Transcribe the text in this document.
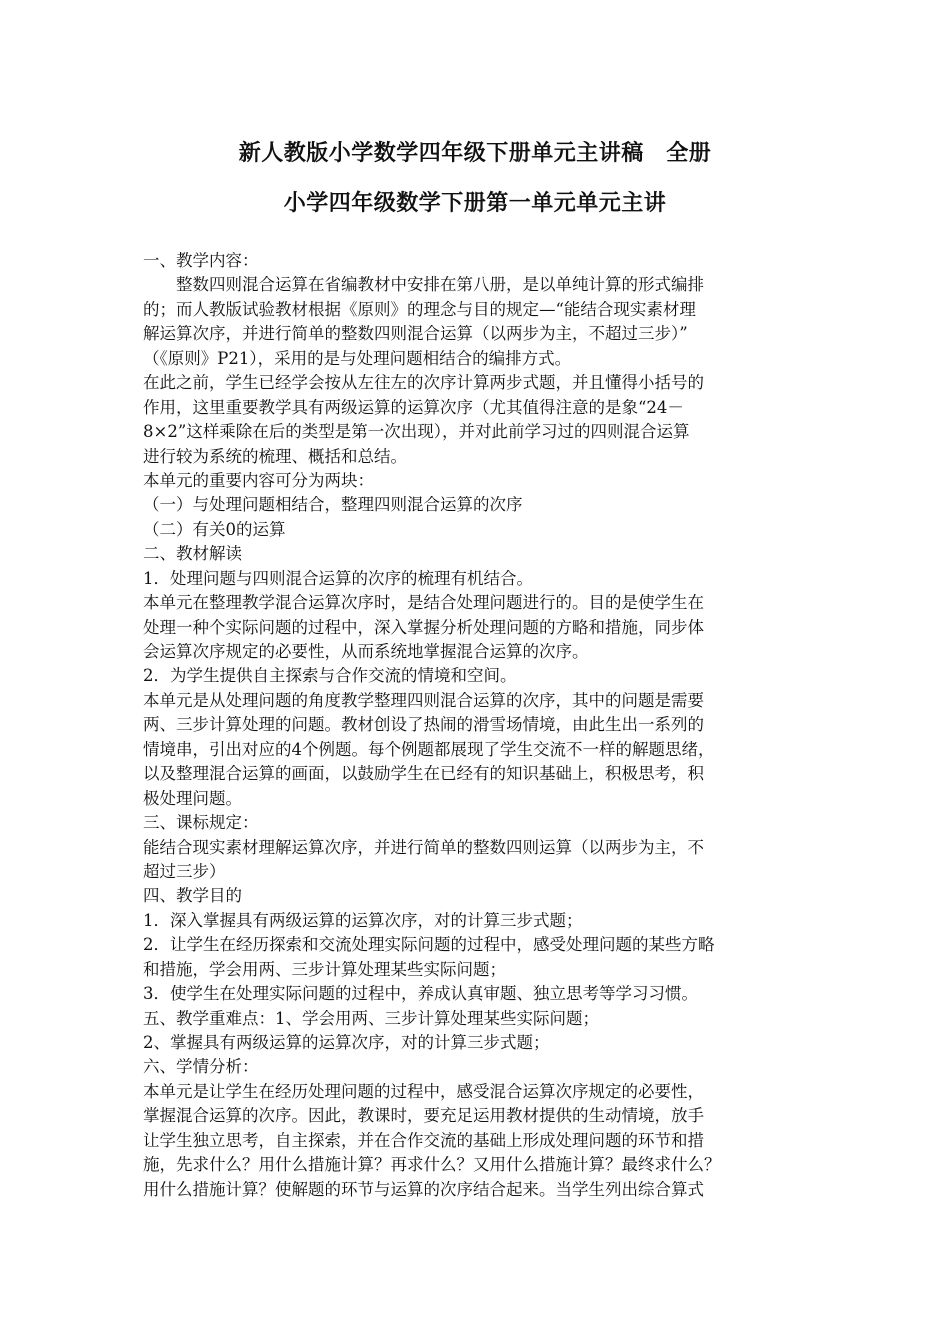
新人教版小学数学四年级下册单元主讲稿　全册
小学四年级数学下册第一单元单元主讲
一、教学内容：
　　整数四则混合运算在省编教材中安排在第八册，是以单纯计算的形式编排
的；而人教版试验教材根据《原则》的理念与目的规定—“能结合现实素材理
解运算次序，并进行简单的整数四则混合运算（以两步为主，不超过三步）”
（《原则》P21），采用的是与处理问题相结合的编排方式。
在此之前，学生已经学会按从左往左的次序计算两步式题，并且懂得小括号的
作用，这里重要教学具有两级运算的运算次序（尤其值得注意的是象“24－
8×2”这样乘除在后的类型是第一次出现），并对此前学习过的四则混合运算
进行较为系统的梳理、概括和总结。
本单元的重要内容可分为两块：
（一）与处理问题相结合，整理四则混合运算的次序
（二）有关0的运算
二、教材解读
1．处理问题与四则混合运算的次序的梳理有机结合。
本单元在整理教学混合运算次序时，是结合处理问题进行的。目的是使学生在
处理一种个实际问题的过程中，深入掌握分析处理问题的方略和措施，同步体
会运算次序规定的必要性，从而系统地掌握混合运算的次序。
2．为学生提供自主探索与合作交流的情境和空间。
本单元是从处理问题的角度教学整理四则混合运算的次序，其中的问题是需要
两、三步计算处理的问题。教材创设了热闹的滑雪场情境，由此生出一系列的
情境串，引出对应的4个例题。每个例题都展现了学生交流不一样的解题思绪，
以及整理混合运算的画面，以鼓励学生在已经有的知识基础上，积极思考，积
极处理问题。
三、课标规定：
能结合现实素材理解运算次序，并进行简单的整数四则运算（以两步为主，不
超过三步）
四、教学目的
1．深入掌握具有两级运算的运算次序，对的计算三步式题；
2．让学生在经历探索和交流处理实际问题的过程中，感受处理问题的某些方略
和措施，学会用两、三步计算处理某些实际问题；
3．使学生在处理实际问题的过程中，养成认真审题、独立思考等学习习惯。
五、教学重难点：1、学会用两、三步计算处理某些实际问题；
2、掌握具有两级运算的运算次序，对的计算三步式题；
六、学情分析：
本单元是让学生在经历处理问题的过程中，感受混合运算次序规定的必要性，
掌握混合运算的次序。因此，教课时，要充足运用教材提供的生动情境，放手
让学生独立思考，自主探索，并在合作交流的基础上形成处理问题的环节和措
施，先求什么？用什么措施计算？再求什么？又用什么措施计算？最终求什么？
用什么措施计算？使解题的环节与运算的次序结合起来。当学生列出综合算式
